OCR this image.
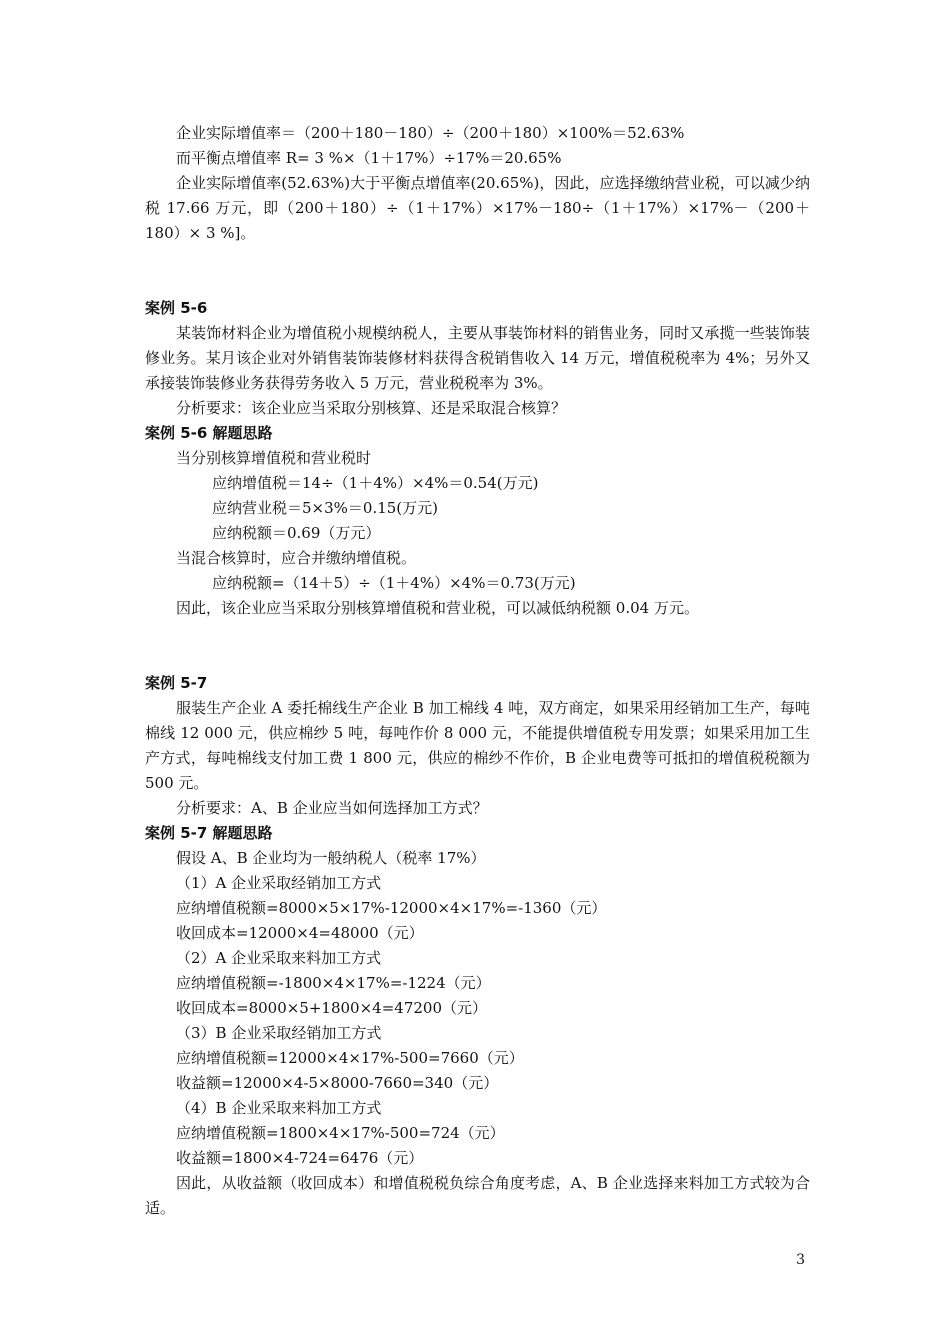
企业实际增值率＝（200＋180－180）÷（200＋180）×100%＝52.63%
而平衡点增值率 R= 3 %×（1＋17%）÷17%＝20.65%
企业实际增值率(52.63%)大于平衡点增值率(20.65%)，因此，应选择缴纳营业税，可以减少纳税 17.66 万元，即（200＋180）÷（1＋17%）×17%－180÷（1＋17%）×17%－（200＋180）× 3 %]。
案例 5-6
某装饰材料企业为增值税小规模纳税人，主要从事装饰材料的销售业务，同时又承揽一些装饰装修业务。某月该企业对外销售装饰装修材料获得含税销售收入 14 万元，增值税税率为 4%；另外又承接装饰装修业务获得劳务收入 5 万元，营业税税率为 3%。
分析要求：该企业应当采取分别核算、还是采取混合核算？
案例 5-6 解题思路
当分别核算增值税和营业税时
应纳增值税＝14÷（1＋4%）×4%＝0.54(万元)
应纳营业税＝5×3%＝0.15(万元)
应纳税额＝0.69（万元）
当混合核算时，应合并缴纳增值税。
应纳税额=（14＋5）÷（1＋4%）×4%＝0.73(万元)
因此，该企业应当采取分别核算增值税和营业税，可以减低纳税额 0.04 万元。
案例 5-7
服装生产企业 A 委托棉线生产企业 B 加工棉线 4 吨，双方商定，如果采用经销加工生产，每吨棉线 12 000 元，供应棉纱 5 吨，每吨作价 8 000 元，不能提供增值税专用发票；如果采用加工生产方式，每吨棉线支付加工费 1 800 元，供应的棉纱不作价，B 企业电费等可抵扣的增值税税额为 500 元。
分析要求：A、B 企业应当如何选择加工方式？
案例 5-7 解题思路
假设 A、B 企业均为一般纳税人（税率 17%）
（1）A 企业采取经销加工方式
应纳增值税额=8000×5×17%-12000×4×17%=-1360（元）
收回成本=12000×4=48000（元）
（2）A 企业采取来料加工方式
应纳增值税额=-1800×4×17%=-1224（元）
收回成本=8000×5+1800×4=47200（元）
（3）B 企业采取经销加工方式
应纳增值税额=12000×4×17%-500=7660（元）
收益额=12000×4-5×8000-7660=340（元）
（4）B 企业采取来料加工方式
应纳增值税额=1800×4×17%-500=724（元）
收益额=1800×4-724=6476（元）
因此，从收益额（收回成本）和增值税税负综合角度考虑，A、B 企业选择来料加工方式较为合适。
3
